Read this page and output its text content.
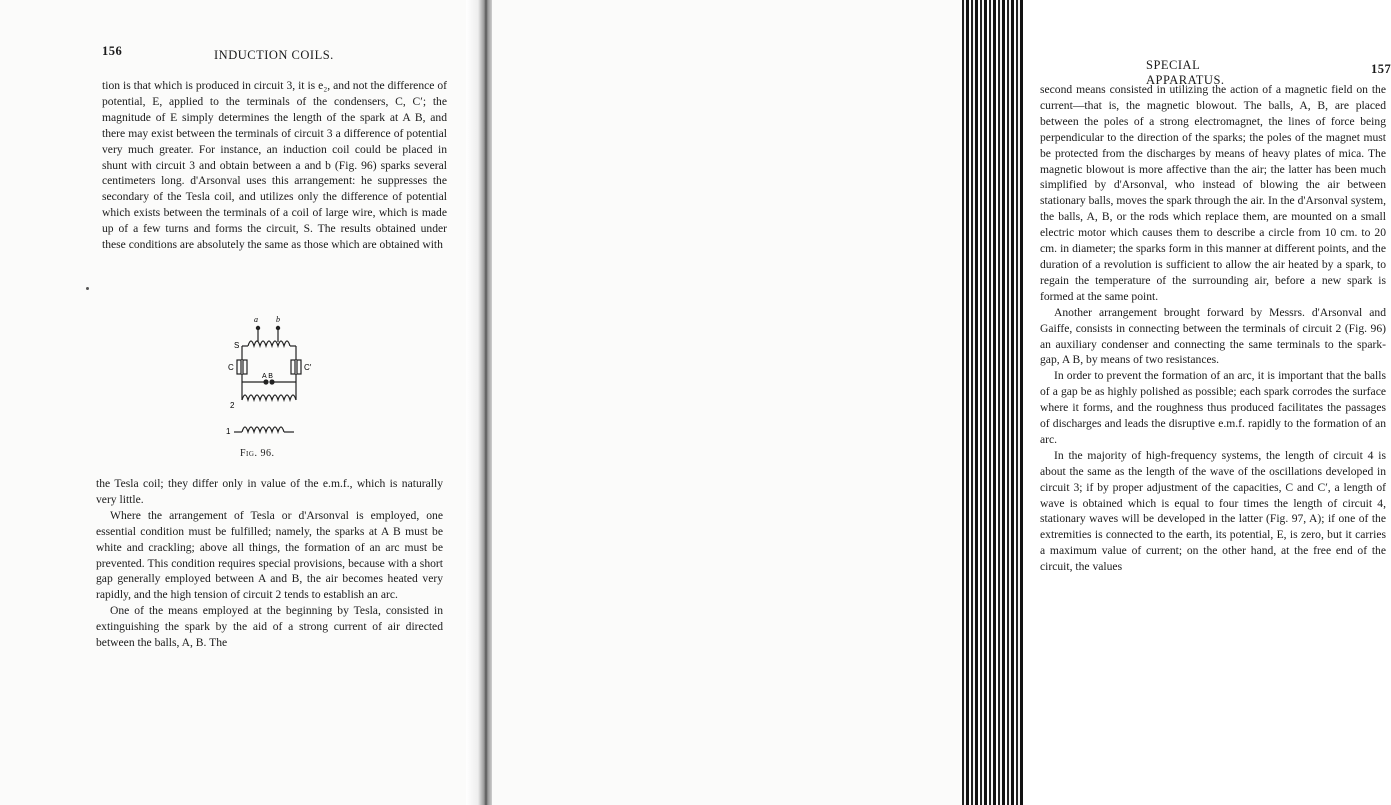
156	INDUCTION COILS.

tion is that which is produced in circuit 3, it is e₂, and not the difference of potential, E, applied to the terminals of the condensers, C, C′; the magnitude of E simply determines the length of the spark at A B, and there may exist between the terminals of circuit 3 a difference of potential very much greater. For instance, an induction coil could be placed in shunt with circuit 3 and obtain between a and b (Fig. 96) sparks several centimeters long. d'Arsonval uses this arrangement: he suppresses the secondary of the Tesla coil, and utilizes only the difference of potential which exists between the terminals of a coil of large wire, which is made up of a few turns and forms the circuit, S. The results obtained under these conditions are absolutely the same as those which are obtained with

a b
S
C	C′
A B
2
1
Fig. 96.

the Tesla coil; they differ only in value of the e.m.f., which is naturally very little.

Where the arrangement of Tesla or d'Arsonval is employed, one essential condition must be fulfilled; namely, the sparks at A B must be white and crackling; above all things, the formation of an arc must be prevented. This condition requires special provisions, because with a short gap generally employed between A and B, the air becomes heated very rapidly, and the high tension of circuit 2 tends to establish an arc.

One of the means employed at the beginning by Tesla, consisted in extinguishing the spark by the aid of a strong current of air directed between the balls, A, B. The

SPECIAL APPARATUS.
157

second means consisted in utilizing the action of a magnetic field on the current—that is, the magnetic blowout. The balls, A, B, are placed between the poles of a strong electromagnet, the lines of force being perpendicular to the direction of the sparks; the poles of the magnet must be protected from the discharges by means of heavy plates of mica. The magnetic blowout is more affective than the air; the latter has been much simplified by d'Arsonval, who instead of blowing the air between stationary balls, moves the spark through the air. In the d'Arsonval system, the balls, A, B, or the rods which replace them, are mounted on a small electric motor which causes them to describe a circle from 10 cm. to 20 cm. in diameter; the sparks form in this manner at different points, and the duration of a revolution is sufficient to allow the air heated by a spark, to regain the temperature of the surrounding air, before a new spark is formed at the same point.

Another arrangement brought forward by Messrs. d'Arsonval and Gaiffe, consists in connecting between the terminals of circuit 2 (Fig. 96) an auxiliary condenser and connecting the same terminals to the spark-gap, A B, by means of two resistances.

In order to prevent the formation of an arc, it is important that the balls of a gap be as highly polished as possible; each spark corrodes the surface where it forms, and the roughness thus produced facilitates the passages of discharges and leads the disruptive e.m.f. rapidly to the formation of an arc.

In the majority of high-frequency systems, the length of circuit 4 is about the same as the length of the wave of the oscillations developed in circuit 3; if by proper adjustment of the capacities, C and C′, a length of wave is obtained which is equal to four times the length of circuit 4, stationary waves will be developed in the latter (Fig. 97, A); if one of the extremities is connected to the earth, its potential, E, is zero, but it carries a maximum value of current; on the other hand, at the free end of the circuit, the values
